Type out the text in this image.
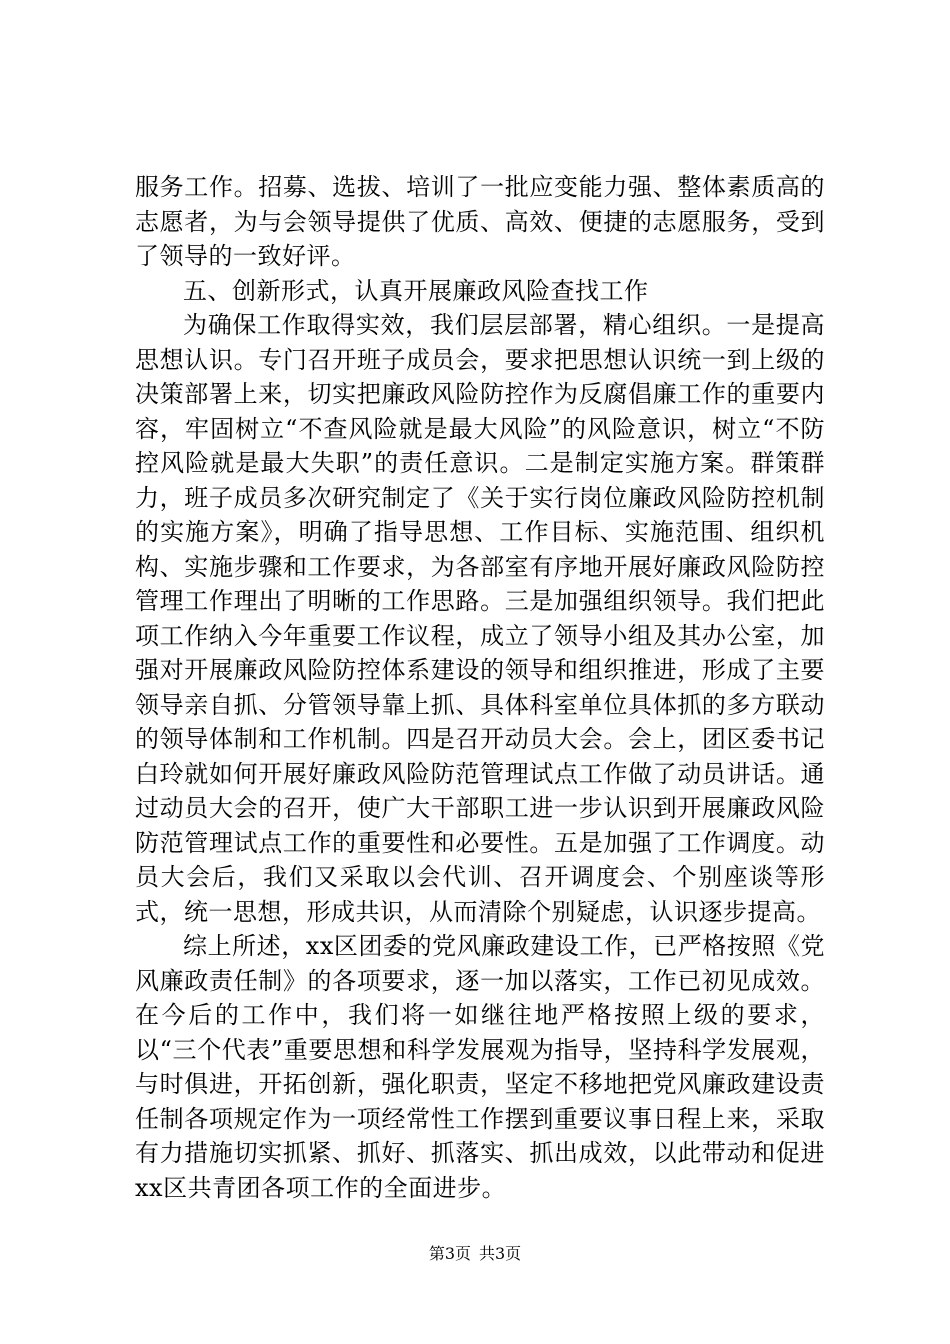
服务工作。招募、选拔、培训了一批应变能力强、整体素质高的志愿者，为与会领导提供了优质、高效、便捷的志愿服务，受到了领导的一致好评。

五、创新形式，认真开展廉政风险查找工作

为确保工作取得实效，我们层层部署，精心组织。一是提高思想认识。专门召开班子成员会，要求把思想认识统一到上级的决策部署上来，切实把廉政风险防控作为反腐倡廉工作的重要内容，牢固树立“不查风险就是最大风险”的风险意识，树立“不防控风险就是最大失职”的责任意识。二是制定实施方案。群策群力，班子成员多次研究制定了《关于实行岗位廉政风险防控机制的实施方案》，明确了指导思想、工作目标、实施范围、组织机构、实施步骤和工作要求，为各部室有序地开展好廉政风险防控管理工作理出了明晰的工作思路。三是加强组织领导。我们把此项工作纳入今年重要工作议程，成立了领导小组及其办公室，加强对开展廉政风险防控体系建设的领导和组织推进，形成了主要领导亲自抓、分管领导靠上抓、具体科室单位具体抓的多方联动的领导体制和工作机制。四是召开动员大会。会上，团区委书记白玲就如何开展好廉政风险防范管理试点工作做了动员讲话。通过动员大会的召开，使广大干部职工进一步认识到开展廉政风险防范管理试点工作的重要性和必要性。五是加强了工作调度。动员大会后，我们又采取以会代训、召开调度会、个别座谈等形式，统一思想，形成共识，从而清除个别疑虑，认识逐步提高。

综上所述，xx区团委的党风廉政建设工作，已严格按照《党风廉政责任制》的各项要求，逐一加以落实，工作已初见成效。在今后的工作中，我们将一如继往地严格按照上级的要求，以“三个代表”重要思想和科学发展观为指导，坚持科学发展观，与时俱进，开拓创新，强化职责，坚定不移地把党风廉政建设责任制各项规定作为一项经常性工作摆到重要议事日程上来，采取有力措施切实抓紧、抓好、抓落实、抓出成效，以此带动和促进xx区共青团各项工作的全面进步。

第3页 共3页
